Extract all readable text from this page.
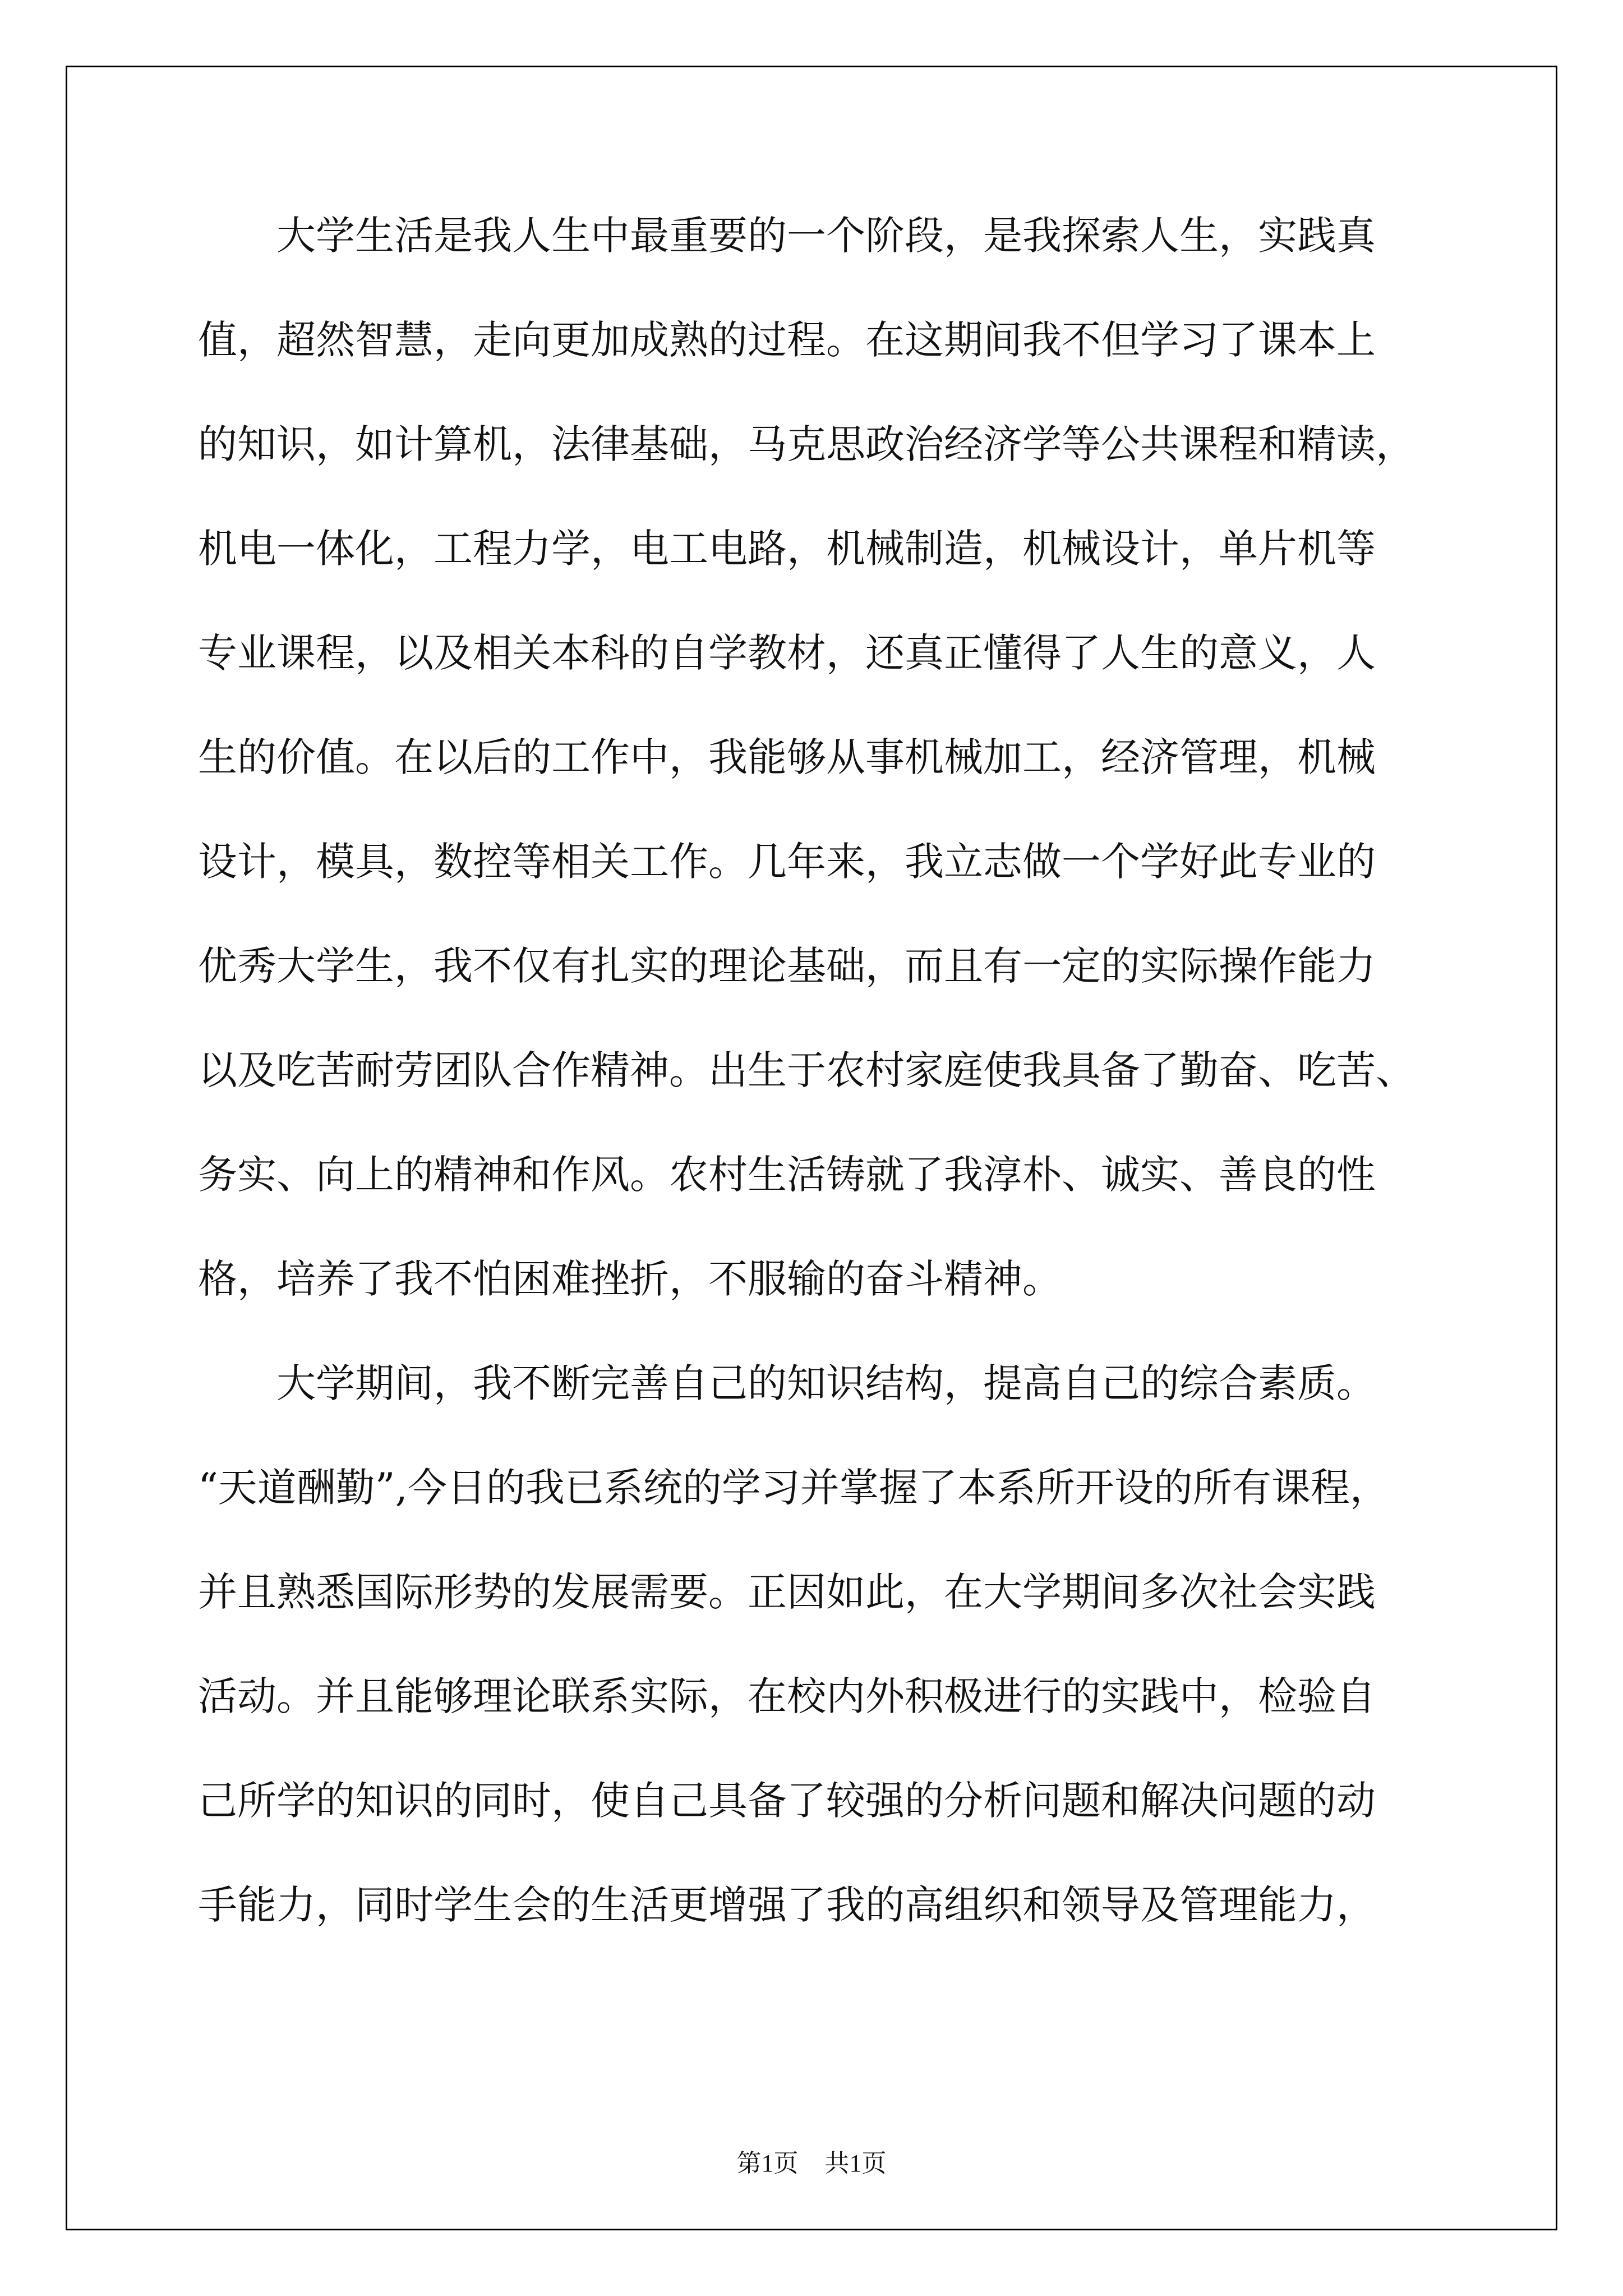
大学生活是我人生中最重要的一个阶段，是我探索人生，实践真
值，超然智慧，走向更加成熟的过程。在这期间我不但学习了课本上
的知识，如计算机，法律基础，马克思政治经济学等公共课程和精读，
机电一体化，工程力学，电工电路，机械制造，机械设计，单片机等
专业课程，以及相关本科的自学教材，还真正懂得了人生的意义，人
生的价值。在以后的工作中，我能够从事机械加工，经济管理，机械
设计，模具，数控等相关工作。几年来，我立志做一个学好此专业的
优秀大学生，我不仅有扎实的理论基础，而且有一定的实际操作能力
以及吃苦耐劳团队合作精神。出生于农村家庭使我具备了勤奋、吃苦、
务实、向上的精神和作风。农村生活铸就了我淳朴、诚实、善良的性
格，培养了我不怕困难挫折，不服输的奋斗精神。
大学期间，我不断完善自己的知识结构，提高自己的综合素质。
“天道酬勤”,今日的我已系统的学习并掌握了本系所开设的所有课程，
并且熟悉国际形势的发展需要。正因如此，在大学期间多次社会实践
活动。并且能够理论联系实际，在校内外积极进行的实践中，检验自
己所学的知识的同时，使自己具备了较强的分析问题和解决问题的动
手能力，同时学生会的生活更增强了我的高组织和领导及管理能力，
第1页 共1页
